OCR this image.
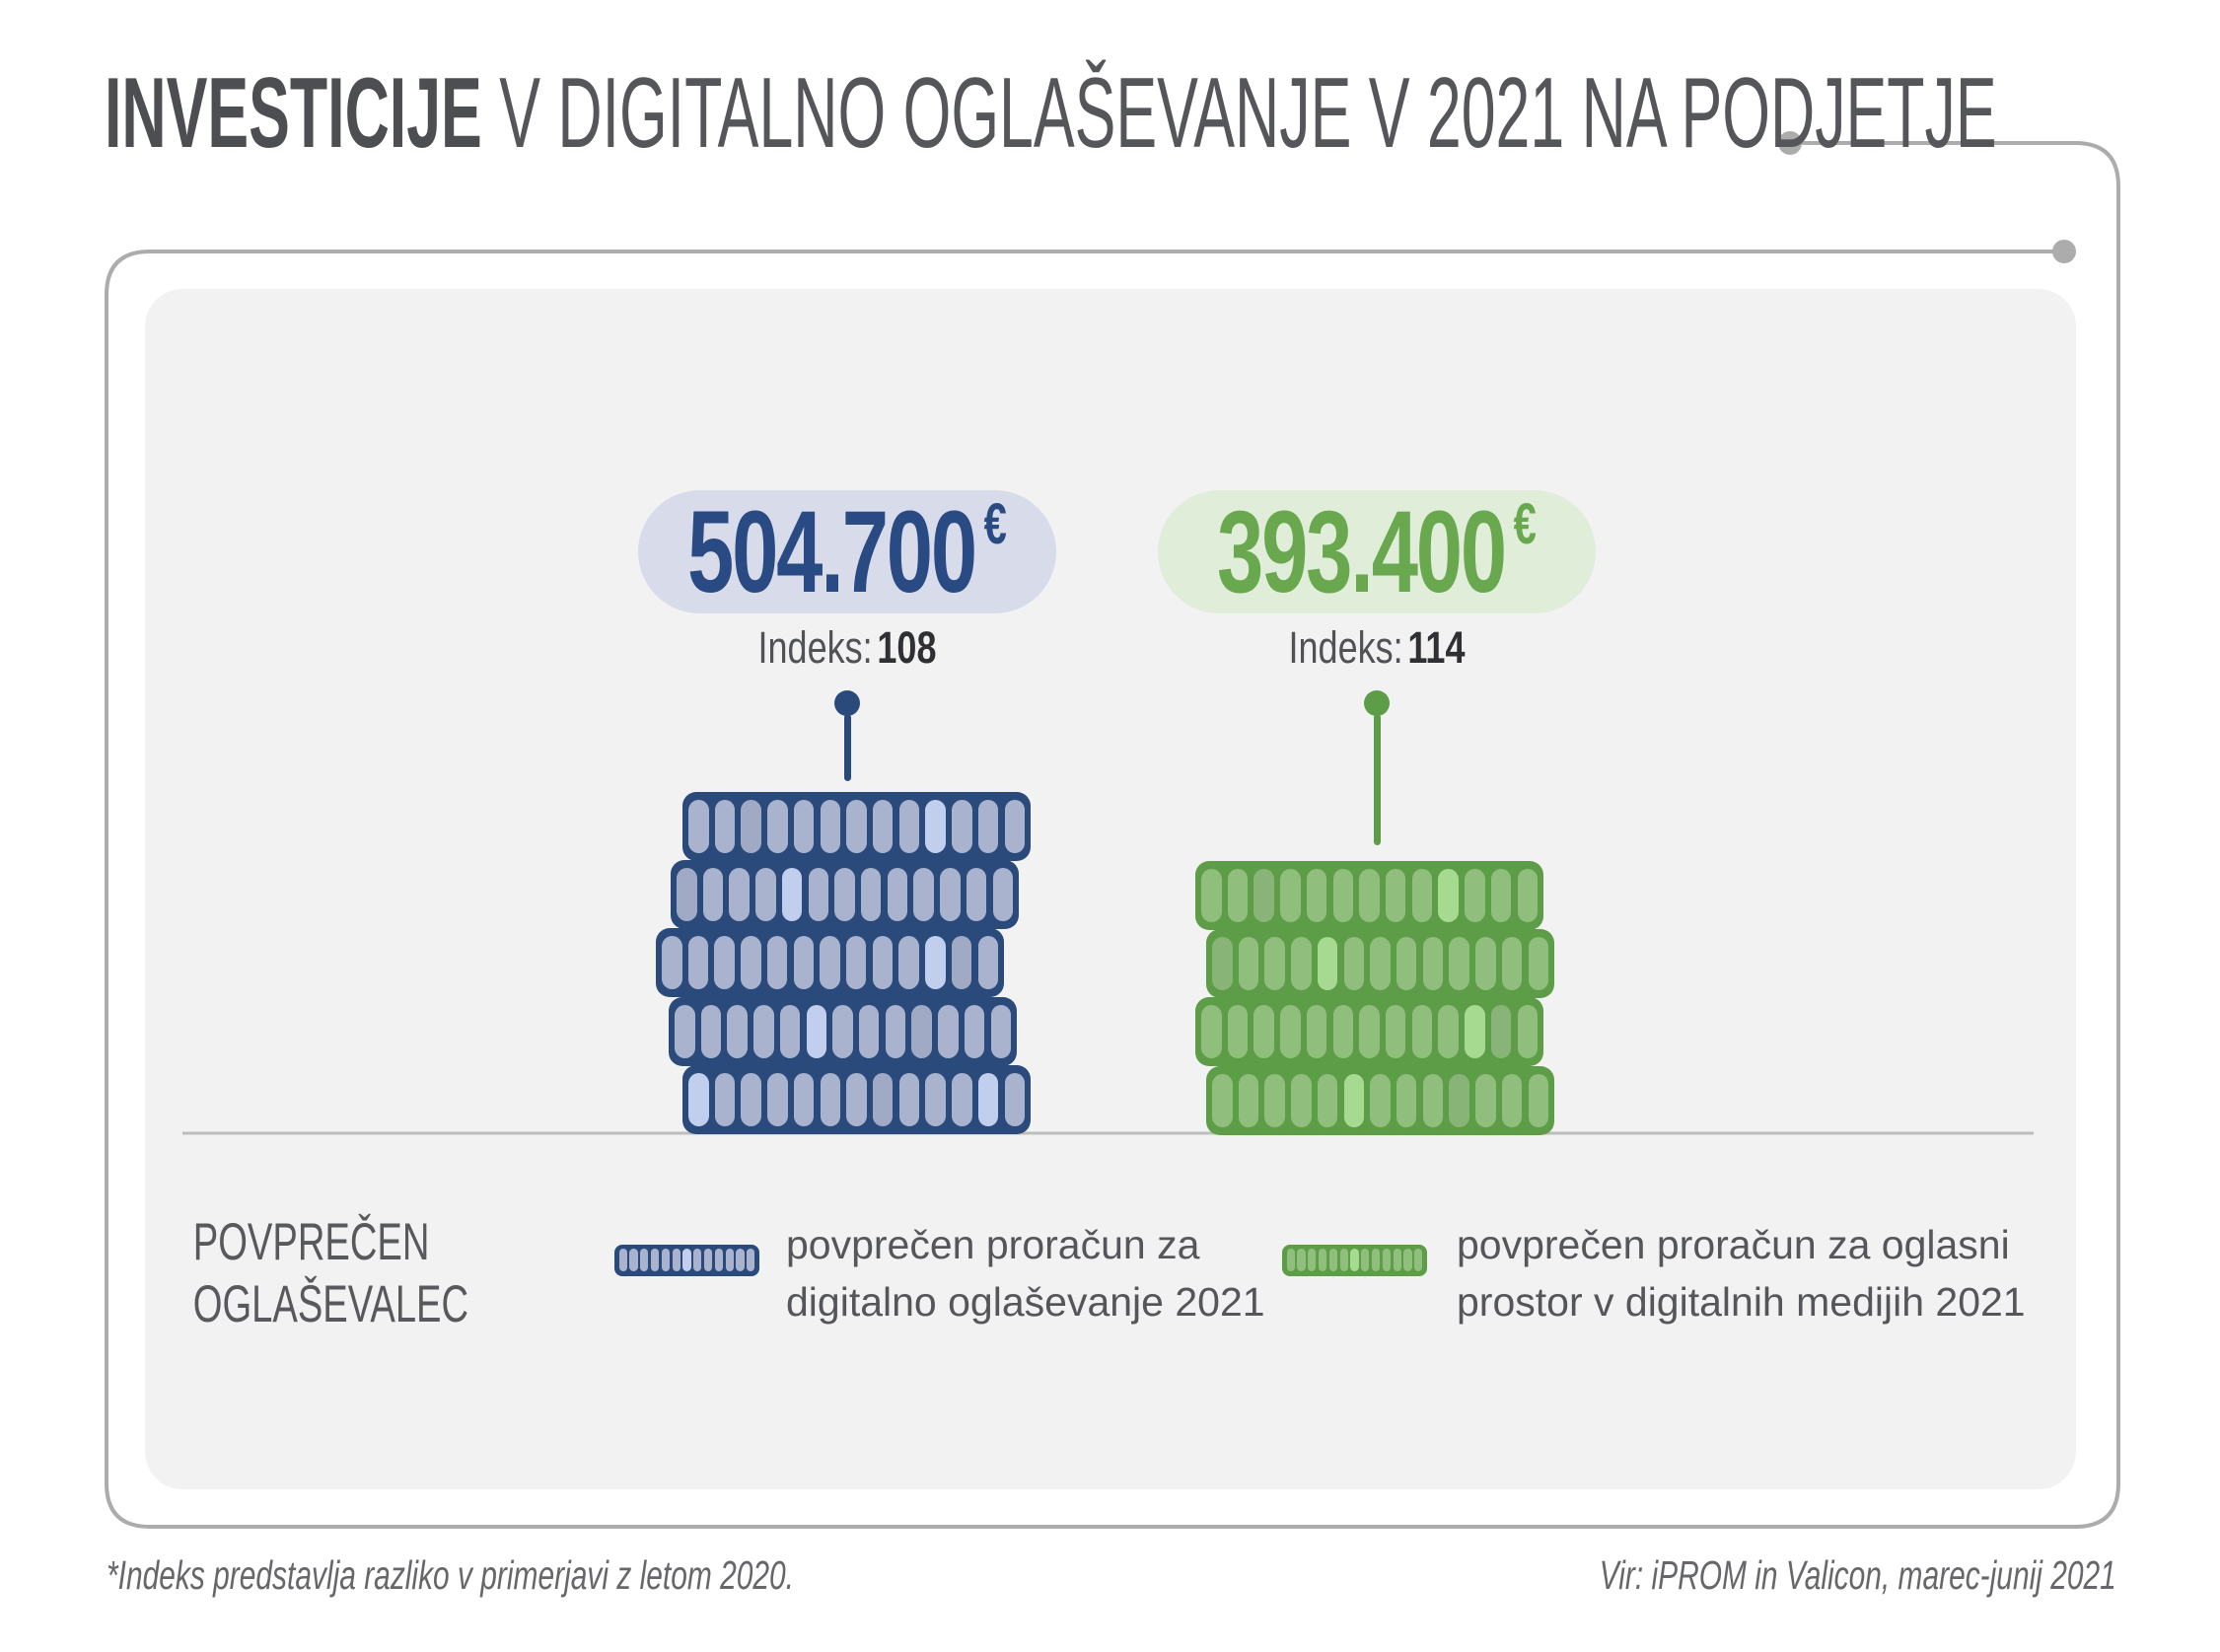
INVESTICIJE V DIGITALNO OGLAŠEVANJE V 2021 NA PODJETJE
504.700 €
Indeks: 108
393.400 €
Indeks: 114
POVPREČEN
OGLAŠEVALEC
povprečen proračun za
digitalno oglaševanje 2021
povprečen proračun za oglasni
prostor v digitalnih medijih 2021
*Indeks predstavlja razliko v primerjavi z letom 2020.	Vir: iPROM in Valicon, marec-junij 2021
